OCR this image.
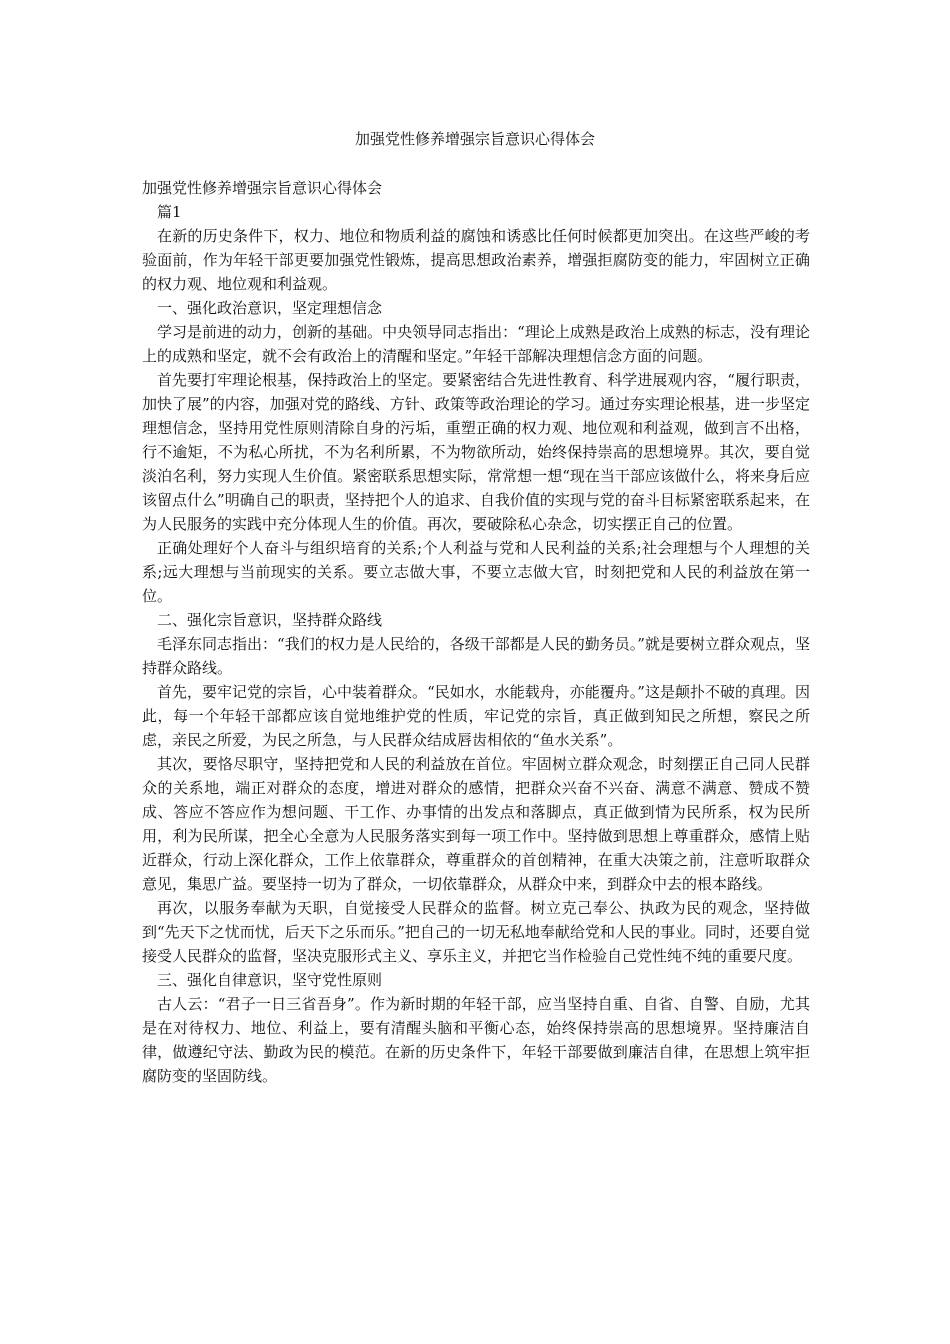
加强党性修养增强宗旨意识心得体会

加强党性修养增强宗旨意识心得体会

篇1

在新的历史条件下，权力、地位和物质利益的腐蚀和诱惑比任何时候都更加突出。在这些严峻的考验面前，作为年轻干部更要加强党性锻炼，提高思想政治素养，增强拒腐防变的能力，牢固树立正确的权力观、地位观和利益观。

一、强化政治意识，坚定理想信念

学习是前进的动力，创新的基础。中央领导同志指出：“理论上成熟是政治上成熟的标志，没有理论上的成熟和坚定，就不会有政治上的清醒和坚定。”年轻干部解决理想信念方面的问题。

首先要打牢理论根基，保持政治上的坚定。要紧密结合先进性教育、科学进展观内容，“履行职责，加快了展”的内容，加强对党的路线、方针、政策等政治理论的学习。通过夯实理论根基，进一步坚定理想信念，坚持用党性原则清除自身的污垢，重塑正确的权力观、地位观和利益观，做到言不出格，行不逾矩，不为私心所扰，不为名利所累，不为物欲所动，始终保持崇高的思想境界。其次，要自觉淡泊名利，努力实现人生价值。紧密联系思想实际，常常想一想“现在当干部应该做什么，将来身后应该留点什么”明确自己的职责，坚持把个人的追求、自我价值的实现与党的奋斗目标紧密联系起来，在为人民服务的实践中充分体现人生的价值。再次，要破除私心杂念，切实摆正自己的位置。

正确处理好个人奋斗与组织培育的关系;个人利益与党和人民利益的关系;社会理想与个人理想的关系;远大理想与当前现实的关系。要立志做大事，不要立志做大官，时刻把党和人民的利益放在第一位。

二、强化宗旨意识，坚持群众路线

毛泽东同志指出：“我们的权力是人民给的，各级干部都是人民的勤务员。”就是要树立群众观点，坚持群众路线。

首先，要牢记党的宗旨，心中装着群众。“民如水，水能载舟，亦能覆舟。”这是颠扑不破的真理。因此，每一个年轻干部都应该自觉地维护党的性质，牢记党的宗旨，真正做到知民之所想，察民之所虑，亲民之所爱，为民之所急，与人民群众结成唇齿相依的“鱼水关系”。

其次，要恪尽职守，坚持把党和人民的利益放在首位。牢固树立群众观念，时刻摆正自己同人民群众的关系地，端正对群众的态度，增进对群众的感情，把群众兴奋不兴奋、满意不满意、赞成不赞成、答应不答应作为想问题、干工作、办事情的出发点和落脚点，真正做到情为民所系，权为民所用，利为民所谋，把全心全意为人民服务落实到每一项工作中。坚持做到思想上尊重群众，感情上贴近群众，行动上深化群众，工作上依靠群众，尊重群众的首创精神，在重大决策之前，注意听取群众意见，集思广益。要坚持一切为了群众，一切依靠群众，从群众中来，到群众中去的根本路线。

再次，以服务奉献为天职，自觉接受人民群众的监督。树立克己奉公、执政为民的观念，坚持做到“先天下之忧而忧，后天下之乐而乐。”把自己的一切无私地奉献给党和人民的事业。同时，还要自觉接受人民群众的监督，坚决克服形式主义、享乐主义，并把它当作检验自己党性纯不纯的重要尺度。

三、强化自律意识，坚守党性原则

古人云：“君子一日三省吾身”。作为新时期的年轻干部，应当坚持自重、自省、自警、自励，尤其是在对待权力、地位、利益上，要有清醒头脑和平衡心态，始终保持崇高的思想境界。坚持廉洁自律，做遵纪守法、勤政为民的模范。在新的历史条件下，年轻干部要做到廉洁自律，在思想上筑牢拒腐防变的坚固防线。
